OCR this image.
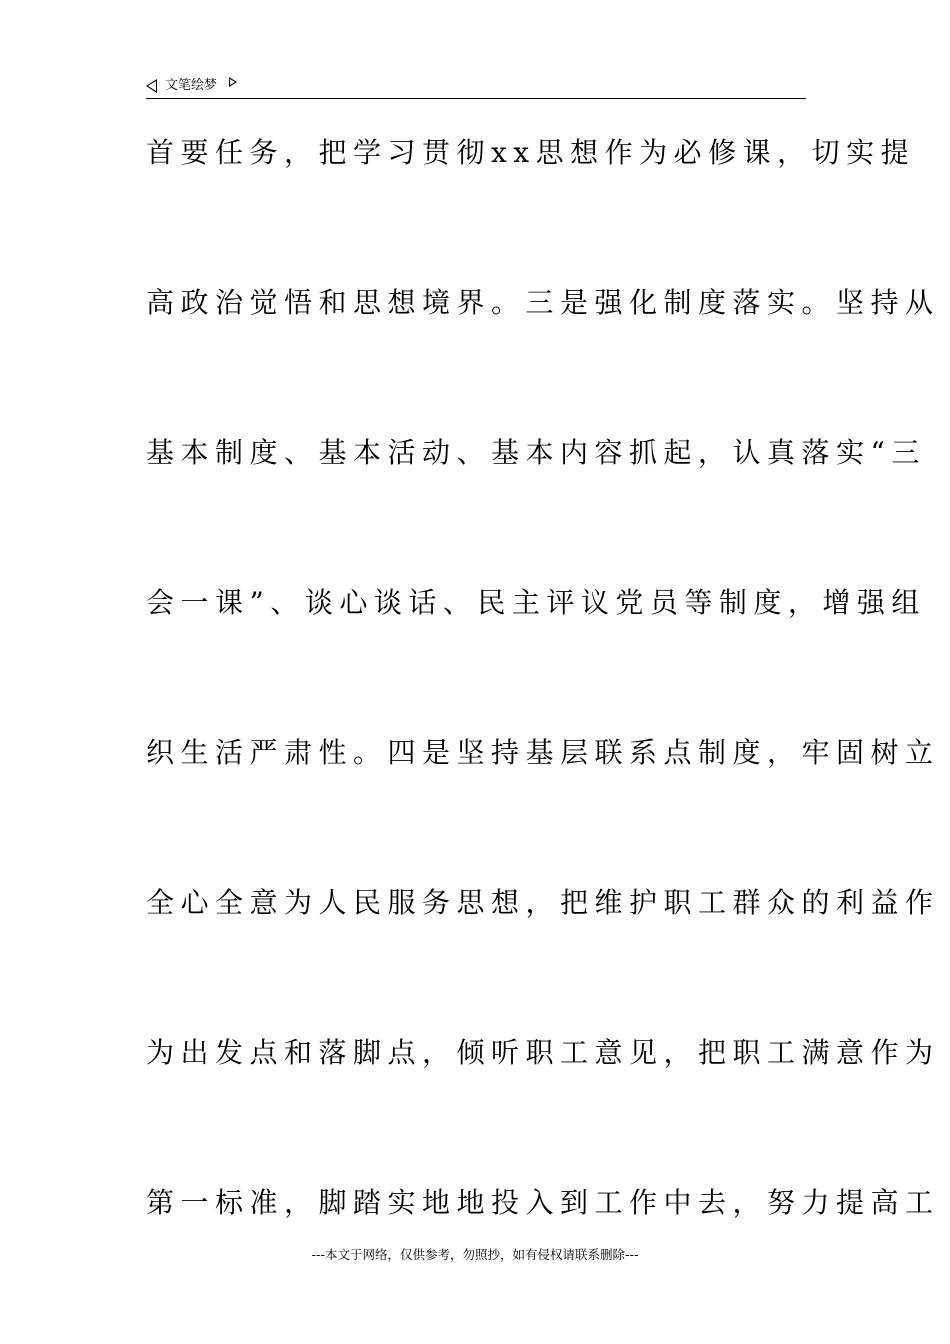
文笔绘梦
首要任务，把学习贯彻xx思想作为必修课，切实提
高政治觉悟和思想境界。三是强化制度落实。坚持从
基本制度、基本活动、基本内容抓起，认真落实“三
会一课”、谈心谈话、民主评议党员等制度，增强组
织生活严肃性。四是坚持基层联系点制度，牢固树立
全心全意为人民服务思想，把维护职工群众的利益作
为出发点和落脚点，倾听职工意见，把职工满意作为
第一标准，脚踏实地地投入到工作中去，努力提高工
---本文于网络，仅供参考，勿照抄，如有侵权请联系删除---
